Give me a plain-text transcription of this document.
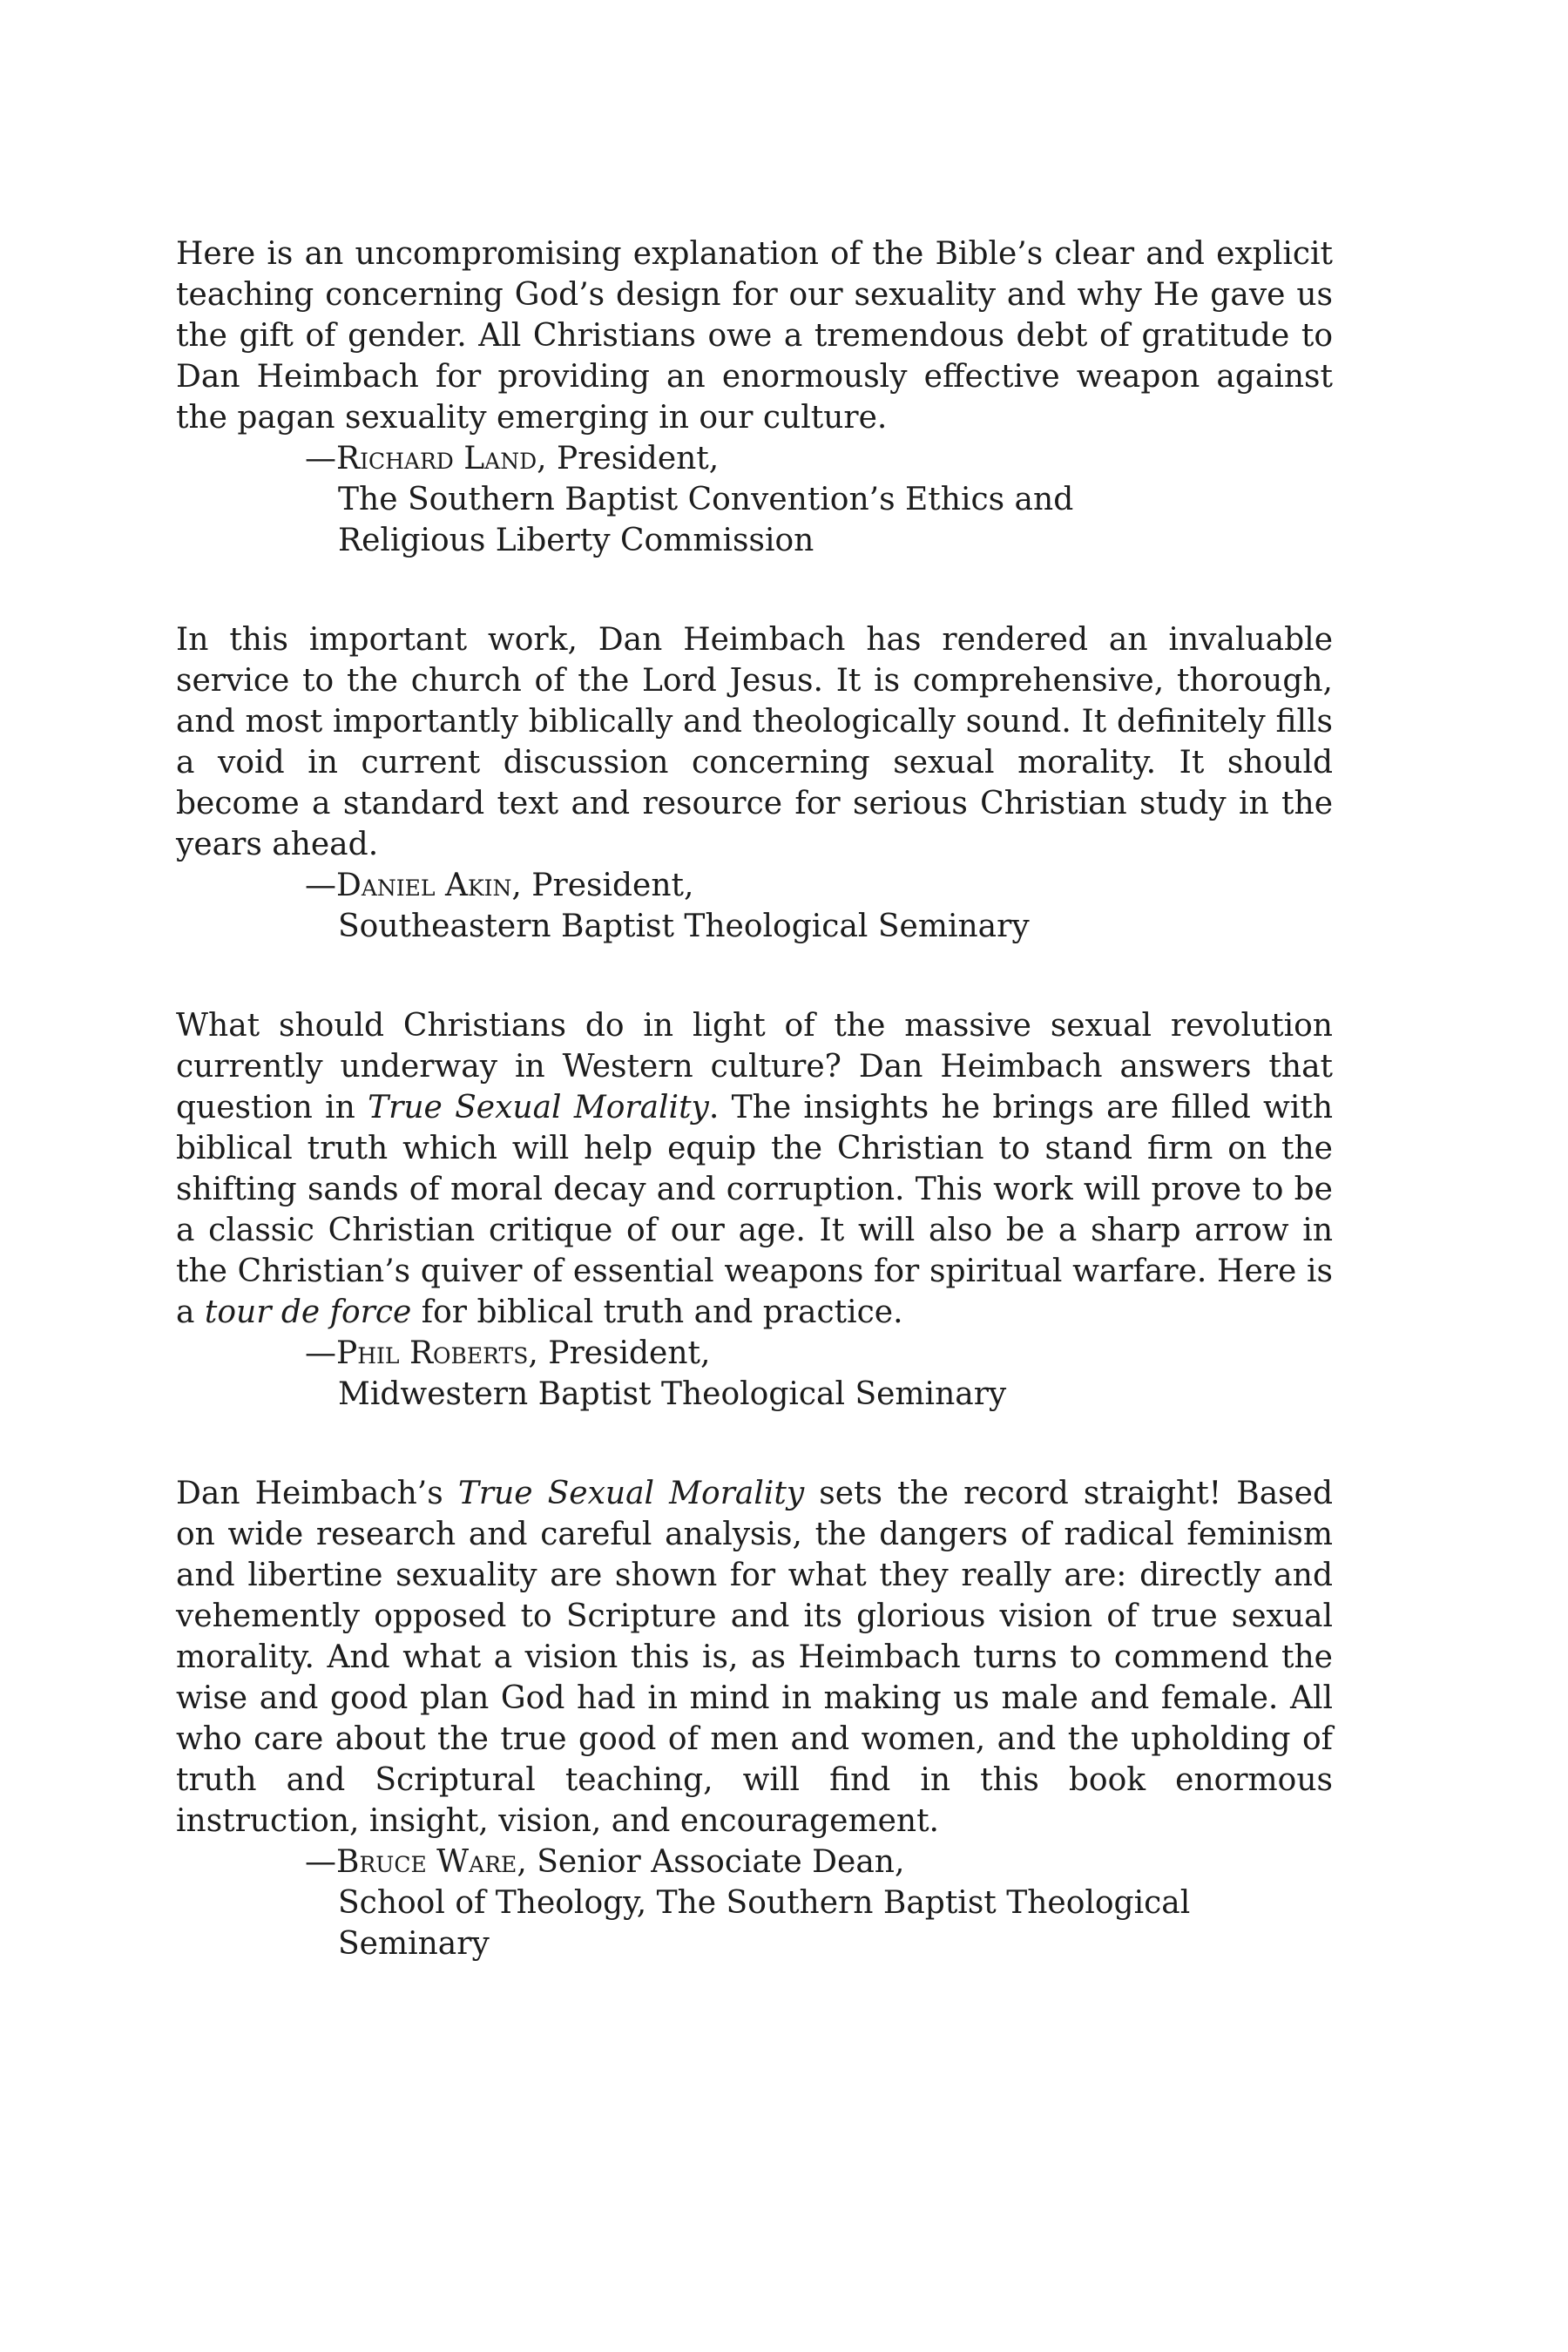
Here is an uncompromising explanation of the Bible’s clear and explicit teaching concerning God’s design for our sexuality and why He gave us the gift of gender. All Christians owe a tremendous debt of gratitude to Dan Heimbach for providing an enormously effective weapon against the pagan sexuality emerging in our culture.

—Richard Land, President,
The Southern Baptist Convention’s Ethics and
Religious Liberty Commission

In this important work, Dan Heimbach has rendered an invaluable service to the church of the Lord Jesus. It is comprehensive, thorough, and most importantly biblically and theologically sound. It definitely fills a void in current discussion concerning sexual morality. It should become a standard text and resource for serious Christian study in the years ahead.

—Daniel Akin, President,
Southeastern Baptist Theological Seminary

What should Christians do in light of the massive sexual revolution currently underway in Western culture? Dan Heimbach answers that question in True Sexual Morality. The insights he brings are filled with biblical truth which will help equip the Christian to stand firm on the shifting sands of moral decay and corruption. This work will prove to be a classic Christian critique of our age. It will also be a sharp arrow in the Christian’s quiver of essential weapons for spiritual warfare. Here is a tour de force for biblical truth and practice.

—Phil Roberts, President,
Midwestern Baptist Theological Seminary

Dan Heimbach’s True Sexual Morality sets the record straight! Based on wide research and careful analysis, the dangers of radical feminism and libertine sexuality are shown for what they really are: directly and vehemently opposed to Scripture and its glorious vision of true sexual morality. And what a vision this is, as Heimbach turns to commend the wise and good plan God had in mind in making us male and female. All who care about the true good of men and women, and the upholding of truth and Scriptural teaching, will find in this book enormous instruction, insight, vision, and encouragement.

—Bruce Ware, Senior Associate Dean,
School of Theology, The Southern Baptist Theological Seminary
